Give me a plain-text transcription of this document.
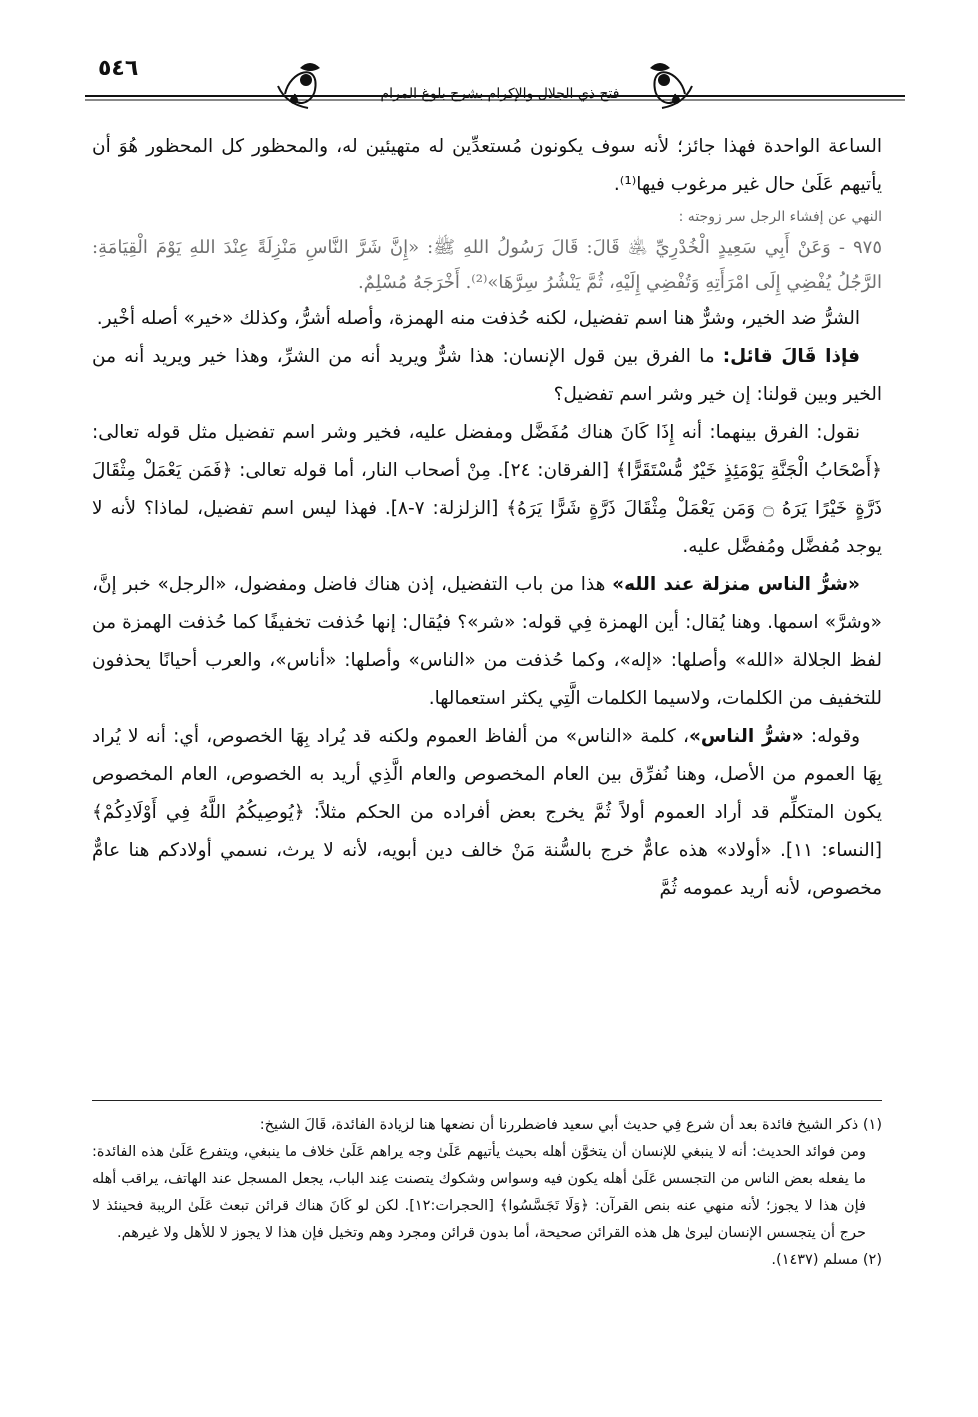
٥٤٦
فتح ذي الجلال والإكرام بشرح بلوغ المرام

الساعة الواحدة فهذا جائز؛ لأنه سوف يكونون مُستعدِّين له متهيئين له، والمحظور كل المحظور هُوَ أن يأتيهم عَلَىٰ حال غير مرغوب فيها⁽¹⁾.

النهي عن إفشاء الرجل سر زوجته :

٩٧٥ - وَعَنْ أَبِي سَعِيدٍ الْخُدْرِيِّ ﵁ قَالَ: قَالَ رَسُولُ اللهِ ﷺ: «إِنَّ شَرَّ النَّاسِ مَنْزِلَةً عِنْدَ اللهِ يَوْمَ الْقِيَامَةِ: الرَّجُلُ يُفْضِي إِلَى امْرَأَتِهِ وَتُفْضِي إِلَيْهِ، ثُمَّ يَنْشُرُ سِرَّهَا»⁽²⁾. أَخْرَجَهُ مُسْلِمٌ.

الشرُّ ضد الخير، وشرٌّ هنا اسم تفضيل، لكنه حُذفت منه الهمزة، وأصله أشرُّ، وكذلك «خير» أصله أخْير.

فإذا قَالَ قائل: ما الفرق بين قول الإنسان: هذا شرٌّ ويريد أنه من الشرِّ، وهذا خير ويريد أنه من الخير وبين قولنا: إن خير وشر اسم تفضيل؟

نقول: الفرق بينهما: أنه إِذَا كَانَ هناك مُفَضَّل ومفضل عليه، فخير وشر اسم تفضيل مثل قوله تعالى: ﴿أَصْحَابُ الْجَنَّةِ يَوْمَئِذٍ خَيْرٌ مُّسْتَقَرًّا﴾ [الفرقان: ٢٤]. مِنْ أصحاب النار، أما قوله تعالى: ﴿فَمَن يَعْمَلْ مِثْقَالَ ذَرَّةٍ خَيْرًا يَرَهُ ۝ وَمَن يَعْمَلْ مِثْقَالَ ذَرَّةٍ شَرًّا يَرَهُ﴾ [الزلزلة: ٧-٨]. فهذا ليس اسم تفضيل، لماذا؟ لأنه لا يوجد مُفضَّل ومُفضَّل عليه.

«شرُّ الناس منزلة عند الله» هذا من باب التفضيل، إذن هناك فاضل ومفضول، «الرجل» خبر إنَّ، «وشرَّ» اسمها. وهنا يُقال: أين الهمزة فِي قوله: «شر»؟ فيُقال: إنها حُذفت تخفيفًا كما حُذفت الهمزة من لفظ الجلالة «الله» وأصلها: «إله»، وكما حُذفت من «الناس» وأصلها: «أناس»، والعرب أحيانًا يحذفون للتخفيف من الكلمات، ولاسيما الكلمات الَّتِي يكثر استعمالها.

وقوله: «شرُّ الناس»، كلمة «الناس» من ألفاظ العموم ولكنه قد يُراد بِهَا الخصوص، أي: أنه لا يُراد بِهَا العموم من الأصل، وهنا نُفرِّق بين العام المخصوص والعام الَّذِي أريد به الخصوص، العام المخصوص يكون المتكلِّم قد أراد العموم أولاً ثُمَّ يخرج بعض أفراده من الحكم مثلاً: ﴿يُوصِيكُمُ اللَّهُ فِي أَوْلَادِكُمْ﴾ [النساء: ١١]. «أولاد» هذه عامٌّ خرج بالسُّنة مَنْ خالف دين أبويه، لأنه لا يرث، نسمي أولادكم هنا عامٌّ مخصوص، لأنه أريد عمومه ثُمَّ

(١) ذكر الشيخ فائدة بعد أن شرع فِي حديث أبي سعيد فاضطررنا أن نضعها هنا لزيادة الفائدة، قَالَ الشيخ:

ومن فوائد الحديث: أنه لا ينبغي للإنسان أن يتخوَّن أهله بحيث يأتيهم عَلَىٰ وجه يراهم عَلَىٰ خلاف ما ينبغي، ويتفرع عَلَىٰ هذه الفائدة: ما يفعله بعض الناس من التجسس عَلَىٰ أهله يكون فيه وسواس وشكوك يتصنت عِند الباب، يجعل المسجل عند الهاتف، يراقب أهله فإن هذا لا يجوز؛ لأنه منهي عنه بنص القرآن: ﴿وَلَا تَجَسَّسُوا﴾ [الحجرات:١٢]. لكن لو كَانَ هناك قرائن تبعث عَلَىٰ الريبة فحينئذ لا حرج أن يتجسس الإنسان ليرىٰ هل هذه القرائن صحيحة، أما بدون قرائن ومجرد وهم وتخيل فإن هذا لا يجوز لا للأهل ولا غيرهم.

(٢) مسلم (١٤٣٧).
